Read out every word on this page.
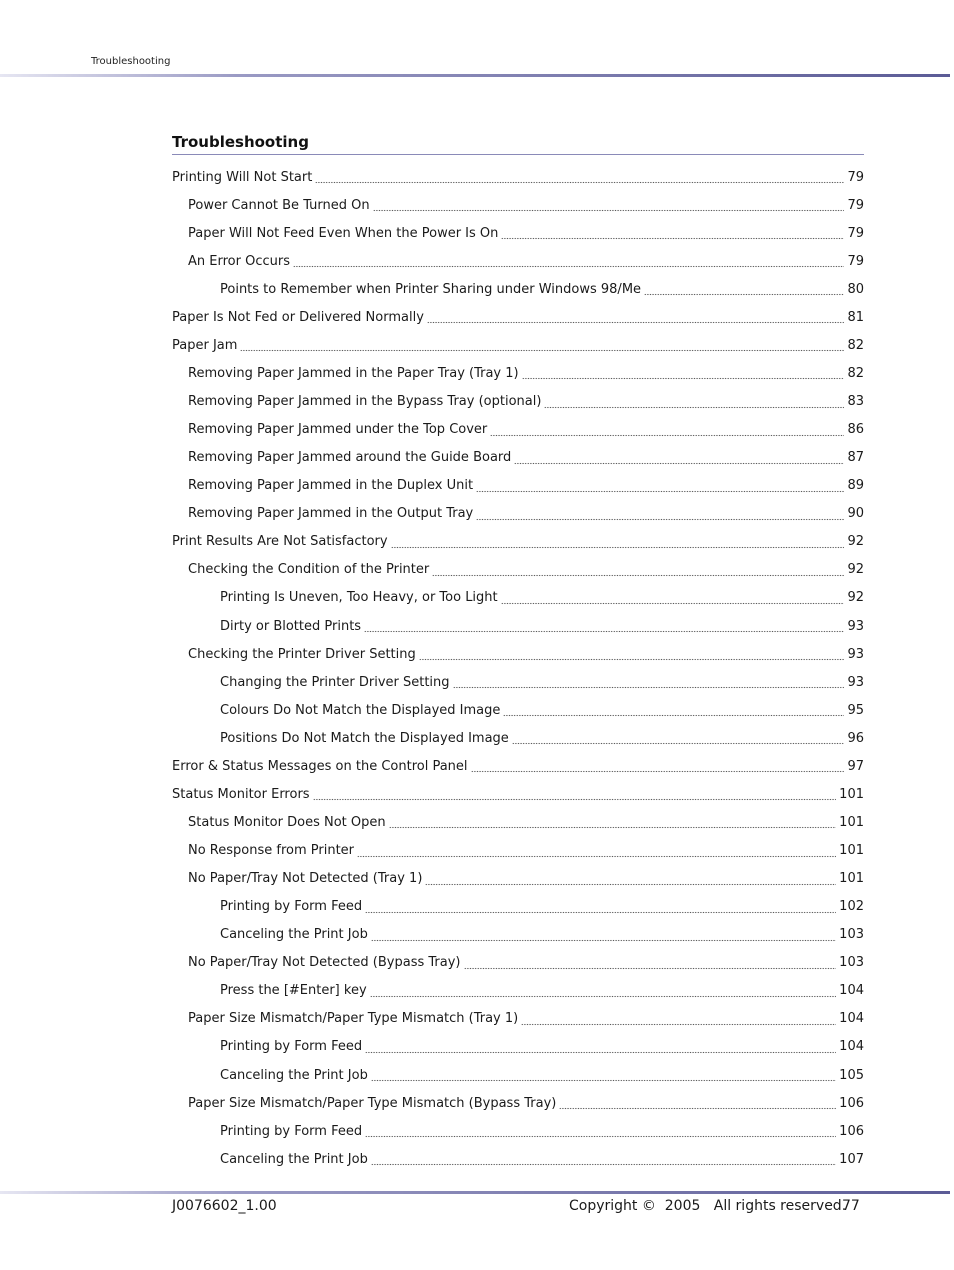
Troubleshooting
Troubleshooting
Printing Will Not Start	79
Power Cannot Be Turned On	79
Paper Will Not Feed Even When the Power Is On	79
An Error Occurs	79
Points to Remember when Printer Sharing under Windows 98/Me	80
Paper Is Not Fed or Delivered Normally	81
Paper Jam	82
Removing Paper Jammed in the Paper Tray (Tray 1)	82
Removing Paper Jammed in the Bypass Tray (optional)	83
Removing Paper Jammed under the Top Cover	86
Removing Paper Jammed around the Guide Board	87
Removing Paper Jammed in the Duplex Unit	89
Removing Paper Jammed in the Output Tray	90
Print Results Are Not Satisfactory	92
Checking the Condition of the Printer	92
Printing Is Uneven, Too Heavy, or Too Light	92
Dirty or Blotted Prints	93
Checking the Printer Driver Setting	93
Changing the Printer Driver Setting	93
Colours Do Not Match the Displayed Image	95
Positions Do Not Match the Displayed Image	96
Error & Status Messages on the Control Panel	97
Status Monitor Errors	101
Status Monitor Does Not Open	101
No Response from Printer	101
No Paper/Tray Not Detected (Tray 1)	101
Printing by Form Feed	102
Canceling the Print Job	103
No Paper/Tray Not Detected (Bypass Tray)	103
Press the [#Enter] key	104
Paper Size Mismatch/Paper Type Mismatch (Tray 1)	104
Printing by Form Feed	104
Canceling the Print Job	105
Paper Size Mismatch/Paper Type Mismatch (Bypass Tray)	106
Printing by Form Feed	106
Canceling the Print Job	107
J0076602_1.00	Copyright ©  2005   All rights reserved.
77
